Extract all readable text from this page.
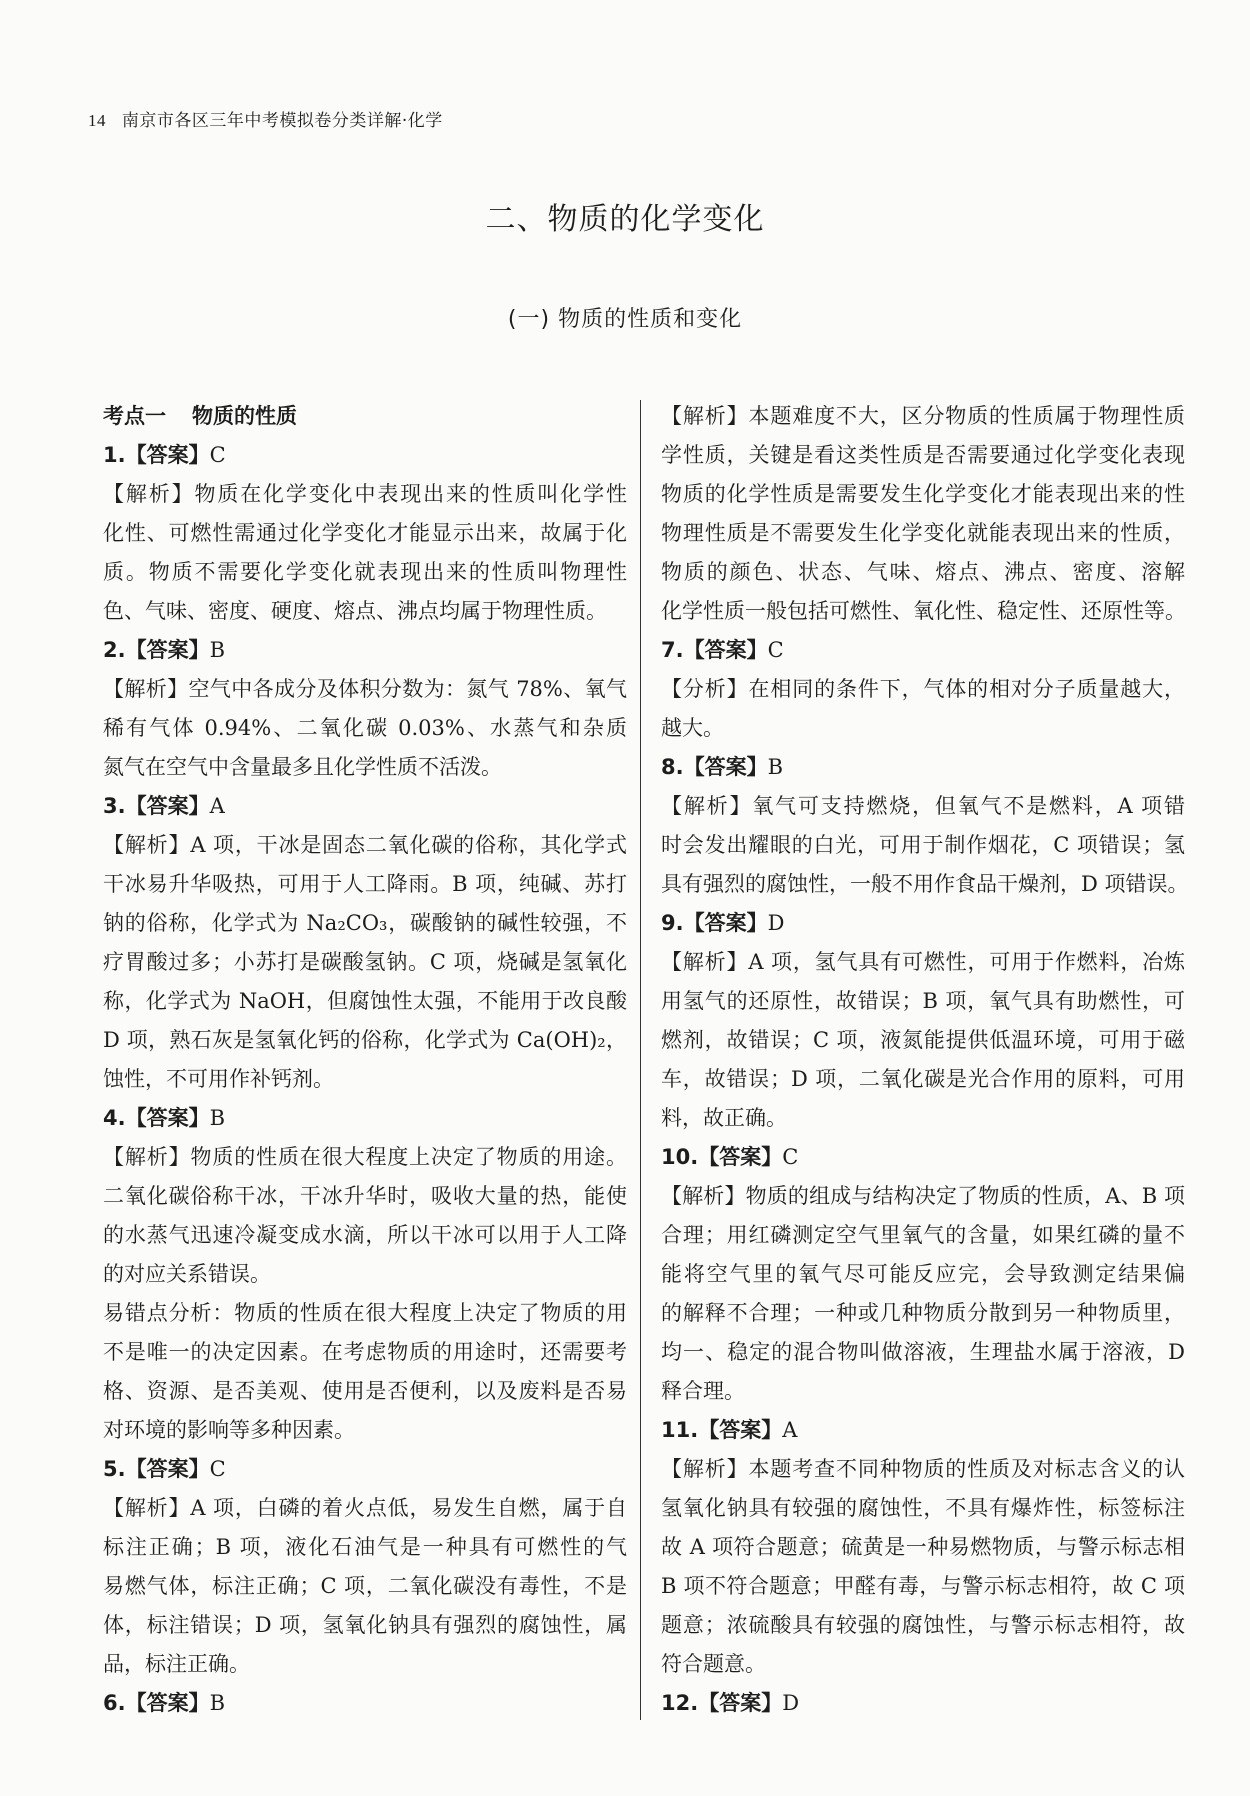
14 南京市各区三年中考模拟卷分类详解·化学
二、物质的化学变化
(一) 物质的性质和变化
考点一 物质的性质
1.【答案】C
【解析】物质在化学变化中表现出来的性质叫化学性
化性、可燃性需通过化学变化才能显示出来，故属于化
质。物质不需要化学变化就表现出来的性质叫物理性
色、气味、密度、硬度、熔点、沸点均属于物理性质。
2.【答案】B
【解析】空气中各成分及体积分数为：氮气 78%、氧气
稀有气体 0.94%、二氧化碳 0.03%、水蒸气和杂质
氮气在空气中含量最多且化学性质不活泼。
3.【答案】A
【解析】A 项，干冰是固态二氧化碳的俗称，其化学式
干冰易升华吸热，可用于人工降雨。B 项，纯碱、苏打
钠的俗称，化学式为 Na₂CO₃，碳酸钠的碱性较强，不
疗胃酸过多；小苏打是碳酸氢钠。C 项，烧碱是氢氧化
称，化学式为 NaOH，但腐蚀性太强，不能用于改良酸
D 项，熟石灰是氢氧化钙的俗称，化学式为 Ca(OH)₂，
蚀性，不可用作补钙剂。
4.【答案】B
【解析】物质的性质在很大程度上决定了物质的用途。
二氧化碳俗称干冰，干冰升华时，吸收大量的热，能使
的水蒸气迅速冷凝变成水滴，所以干冰可以用于人工降
的对应关系错误。
易错点分析：物质的性质在很大程度上决定了物质的用
不是唯一的决定因素。在考虑物质的用途时，还需要考
格、资源、是否美观、使用是否便利，以及废料是否易
对环境的影响等多种因素。
5.【答案】C
【解析】A 项，白磷的着火点低，易发生自燃，属于自
标注正确；B 项，液化石油气是一种具有可燃性的气
易燃气体，标注正确；C 项，二氧化碳没有毒性，不是
体，标注错误；D 项，氢氧化钠具有强烈的腐蚀性，属
品，标注正确。
6.【答案】B
【解析】本题难度不大，区分物质的性质属于物理性质
学性质，关键是看这类性质是否需要通过化学变化表现
物质的化学性质是需要发生化学变化才能表现出来的性
物理性质是不需要发生化学变化就能表现出来的性质，
物质的颜色、状态、气味、熔点、沸点、密度、溶解
化学性质一般包括可燃性、氧化性、稳定性、还原性等。
7.【答案】C
【分析】在相同的条件下，气体的相对分子质量越大，
越大。
8.【答案】B
【解析】氧气可支持燃烧，但氧气不是燃料，A 项错
时会发出耀眼的白光，可用于制作烟花，C 项错误；氢
具有强烈的腐蚀性，一般不用作食品干燥剂，D 项错误。
9.【答案】D
【解析】A 项，氢气具有可燃性，可用于作燃料，冶炼
用氢气的还原性，故错误；B 项，氧气具有助燃性，可
燃剂，故错误；C 项，液氮能提供低温环境，可用于磁
车，故错误；D 项，二氧化碳是光合作用的原料，可用
料，故正确。
10.【答案】C
【解析】物质的组成与结构决定了物质的性质，A、B 项
合理；用红磷测定空气里氧气的含量，如果红磷的量不
能将空气里的氧气尽可能反应完，会导致测定结果偏
的解释不合理；一种或几种物质分散到另一种物质里，
均一、稳定的混合物叫做溶液，生理盐水属于溶液，D
释合理。
11.【答案】A
【解析】本题考查不同种物质的性质及对标志含义的认
氢氧化钠具有较强的腐蚀性，不具有爆炸性，标签标注
故 A 项符合题意；硫黄是一种易燃物质，与警示标志相
B 项不符合题意；甲醛有毒，与警示标志相符，故 C 项
题意；浓硫酸具有较强的腐蚀性，与警示标志相符，故
符合题意。
12.【答案】D
